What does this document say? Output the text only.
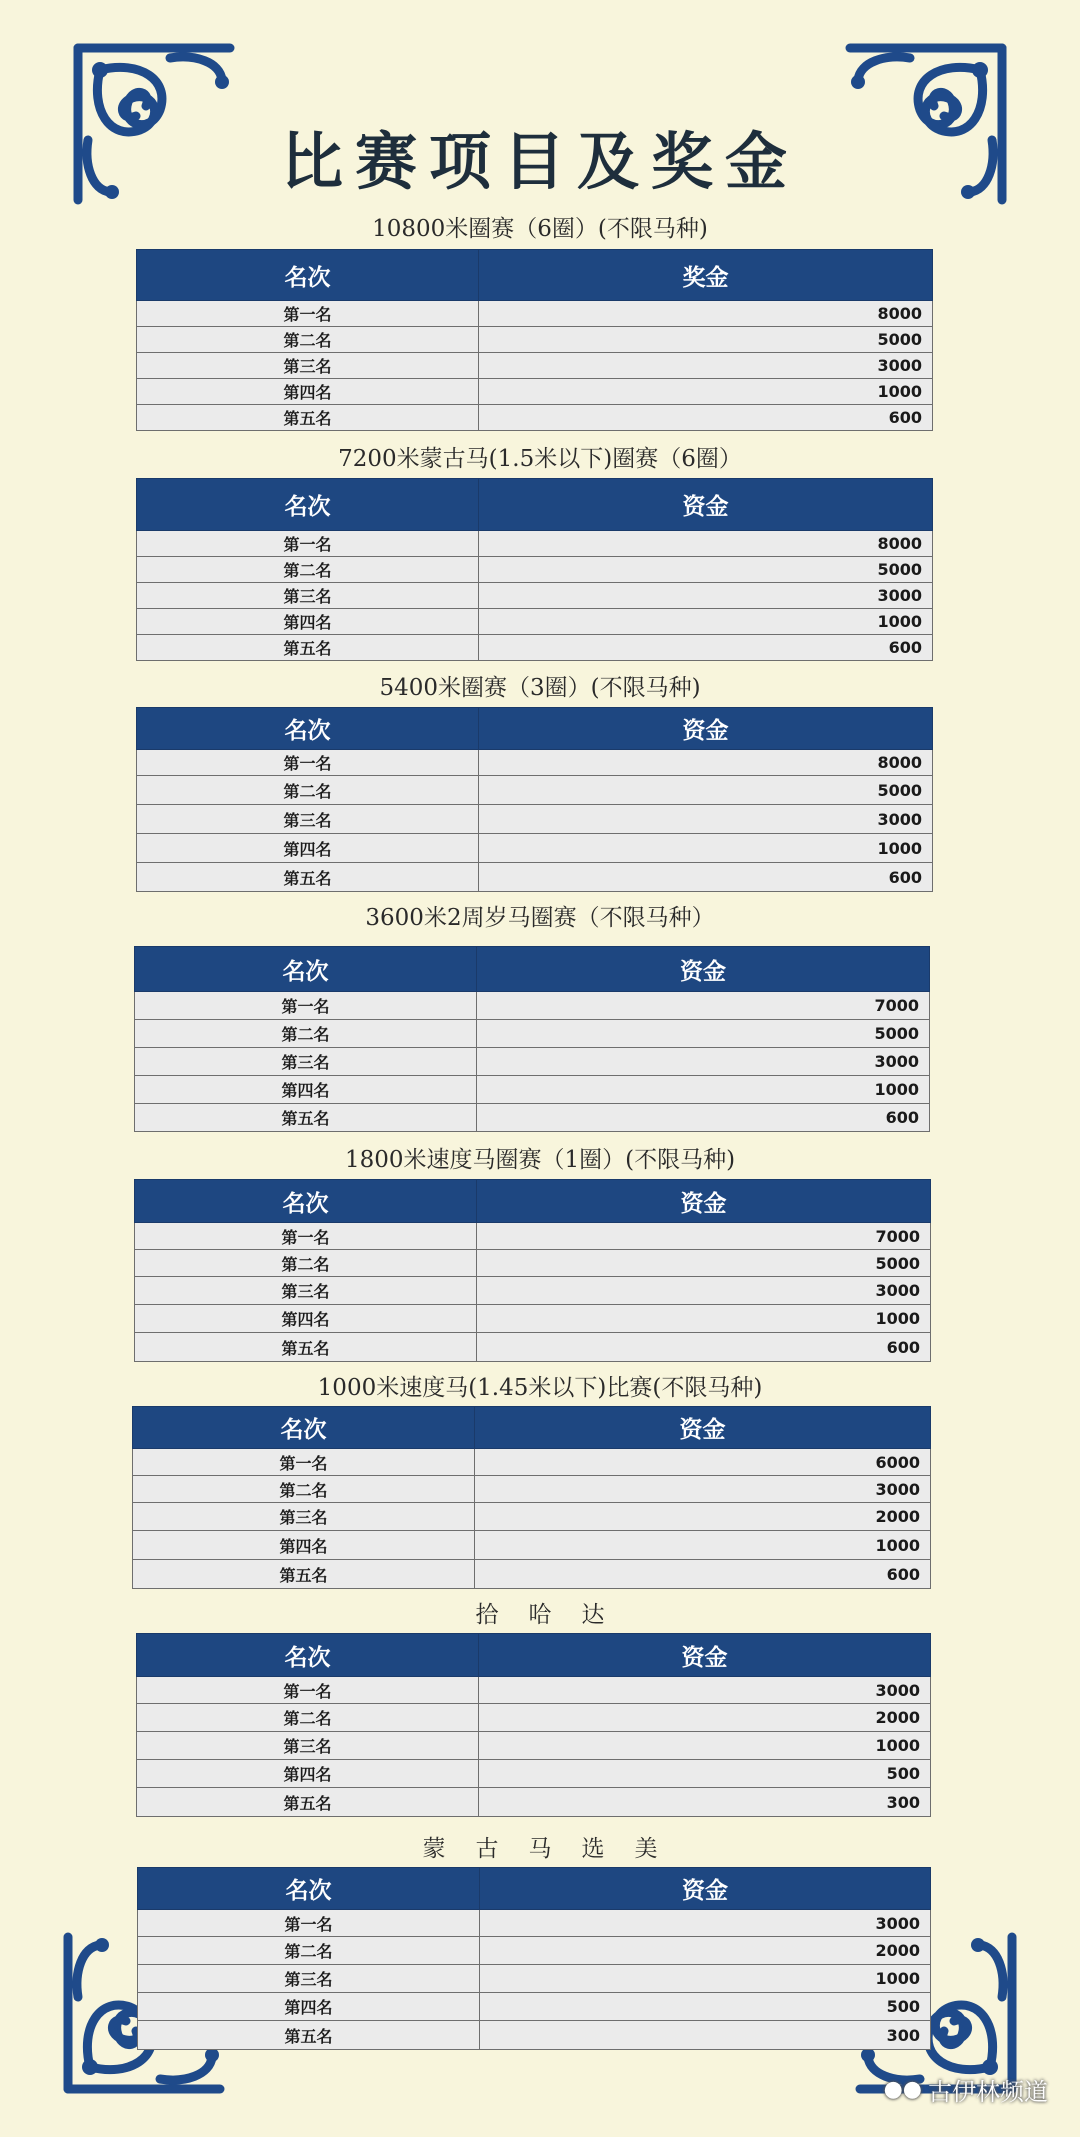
比赛项目及奖金
10800米圈赛（6圈）(不限马种)
名次	奖金
第一名	8000
第二名	5000
第三名	3000
第四名	1000
第五名	600
7200米蒙古马(1.5米以下)圈赛（6圈）
名次	资金
第一名	8000
第二名	5000
第三名	3000
第四名	1000
第五名	600
5400米圈赛（3圈）(不限马种)
名次	资金
第一名	8000
第二名	5000
第三名	3000
第四名	1000
第五名	600
3600米2周岁马圈赛（不限马种）
名次	资金
第一名	7000
第二名	5000
第三名	3000
第四名	1000
第五名	600
1800米速度马圈赛（1圈）(不限马种)
名次	资金
第一名	7000
第二名	5000
第三名	3000
第四名	1000
第五名	600
1000米速度马(1.45米以下)比赛(不限马种)
名次	资金
第一名	6000
第二名	3000
第三名	2000
第四名	1000
第五名	600
拾哈达
名次	资金
第一名	3000
第二名	2000
第三名	1000
第四名	500
第五名	300
蒙古马选美
名次	资金
第一名	3000
第二名	2000
第三名	1000
第四名	500
第五名	300
●● 古伊林频道
